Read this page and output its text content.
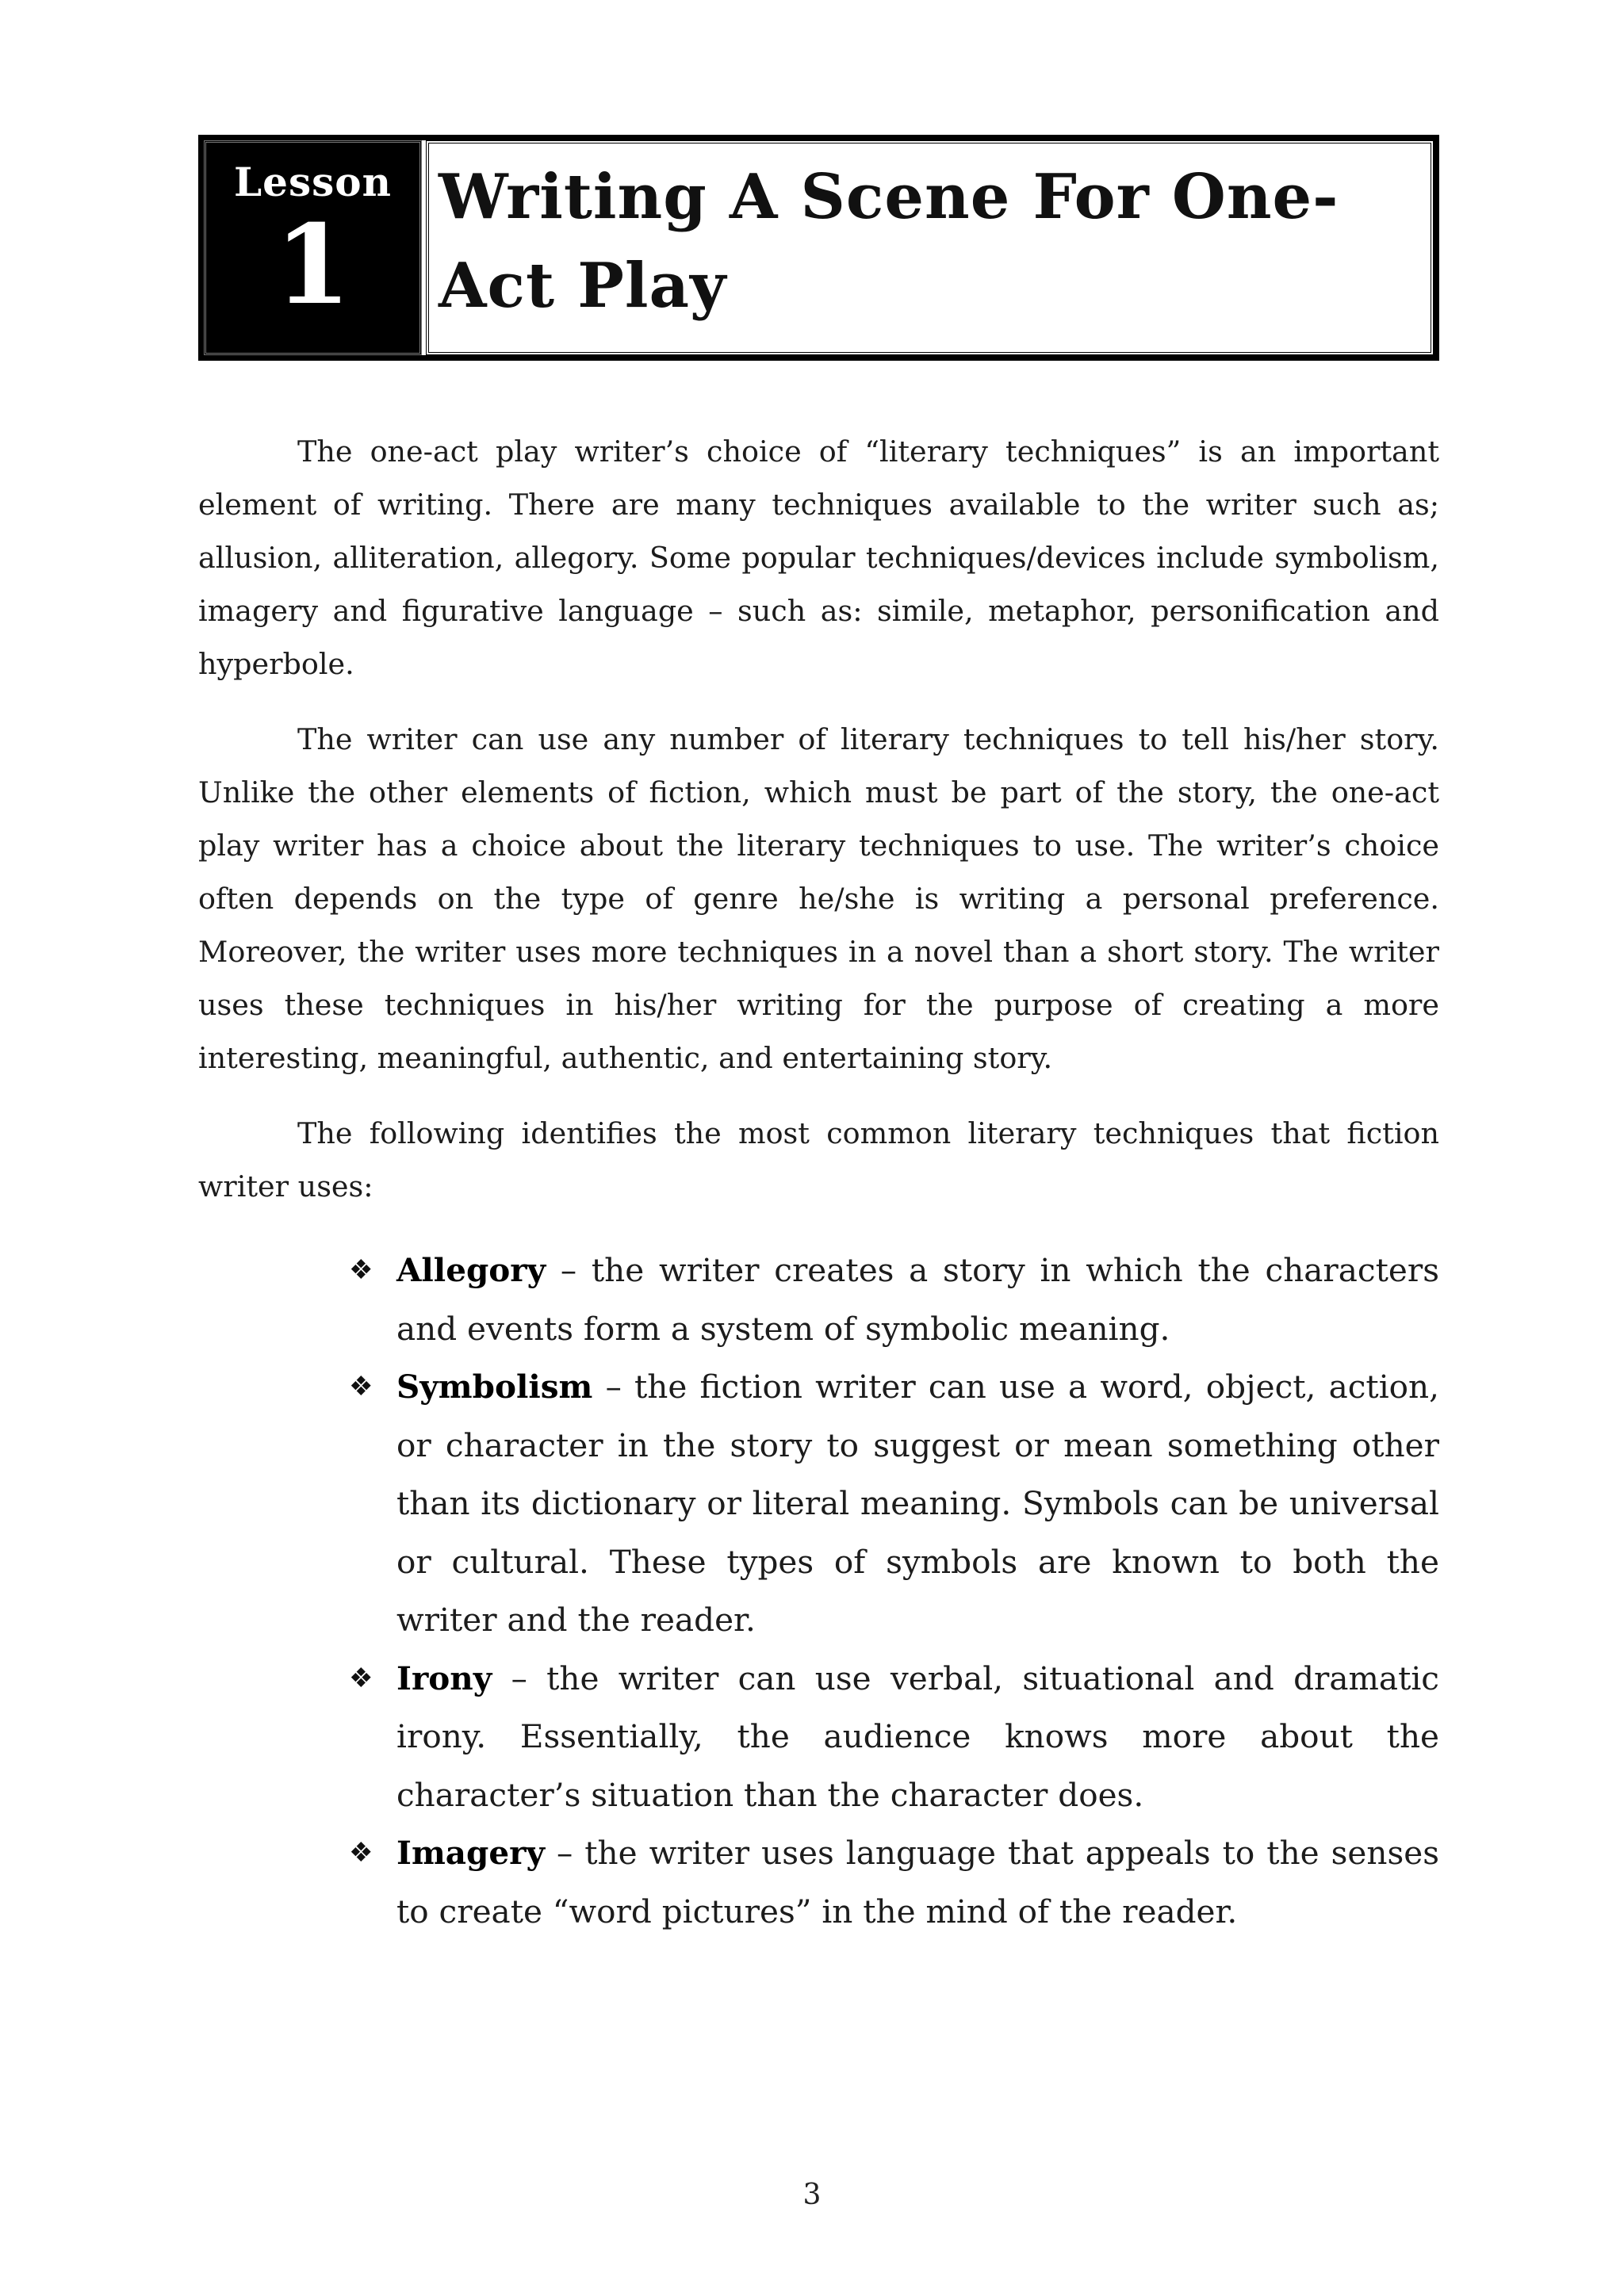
Lesson
1
Writing A Scene For One-Act Play

The one-act play writer’s choice of “literary techniques” is an important element of writing. There are many techniques available to the writer such as; allusion, alliteration, allegory. Some popular techniques/devices include symbolism, imagery and figurative language – such as: simile, metaphor, personification and hyperbole.

The writer can use any number of literary techniques to tell his/her story. Unlike the other elements of fiction, which must be part of the story, the one-act play writer has a choice about the literary techniques to use. The writer’s choice often depends on the type of genre he/she is writing a personal preference. Moreover, the writer uses more techniques in a novel than a short story. The writer uses these techniques in his/her writing for the purpose of creating a more interesting, meaningful, authentic, and entertaining story.

The following identifies the most common literary techniques that fiction writer uses:

❖ Allegory – the writer creates a story in which the characters and events form a system of symbolic meaning.
❖ Symbolism – the fiction writer can use a word, object, action, or character in the story to suggest or mean something other than its dictionary or literal meaning. Symbols can be universal or cultural. These types of symbols are known to both the writer and the reader.
❖ Irony – the writer can use verbal, situational and dramatic irony. Essentially, the audience knows more about the character’s situation than the character does.
❖ Imagery – the writer uses language that appeals to the senses to create “word pictures” in the mind of the reader.
3
